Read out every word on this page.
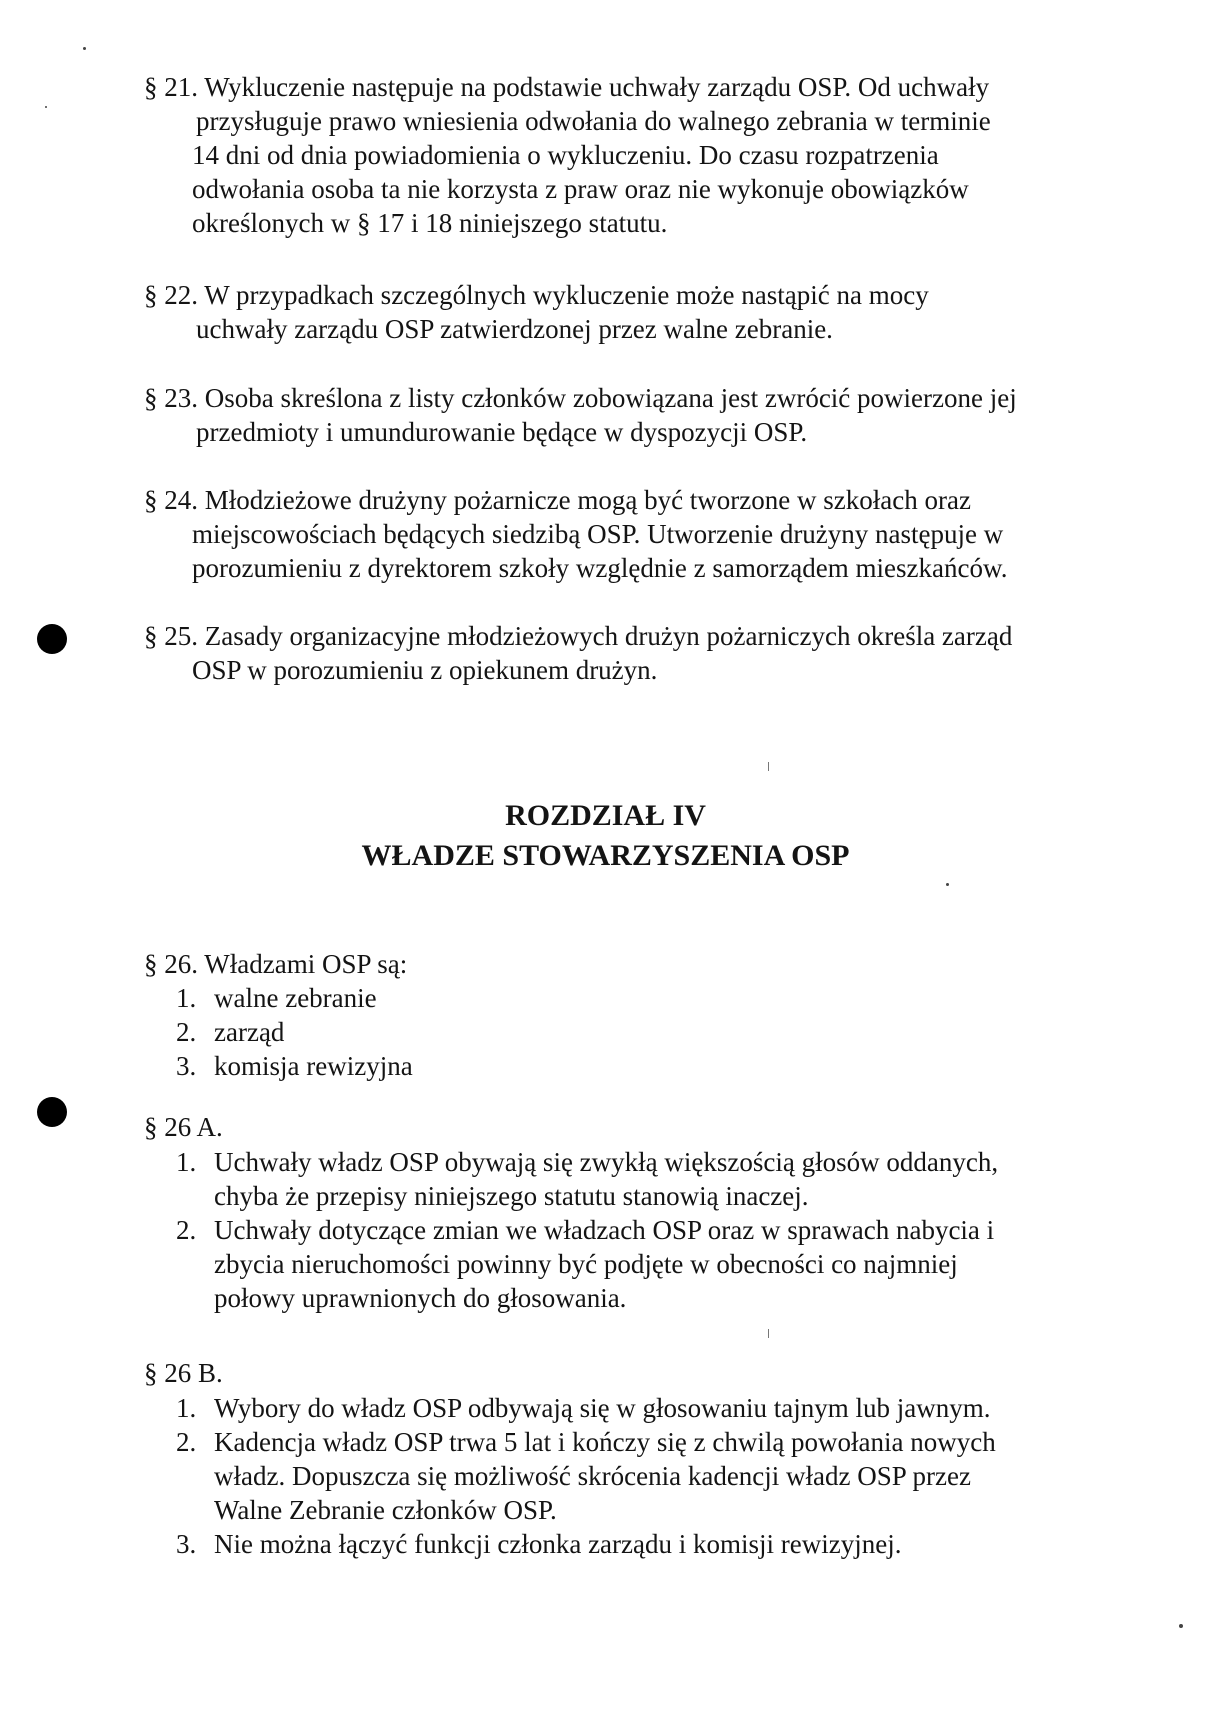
§ 21. Wykluczenie następuje na podstawie uchwały zarządu OSP. Od uchwały
przysługuje prawo wniesienia odwołania do walnego zebrania w terminie
14 dni od dnia powiadomienia o wykluczeniu. Do czasu rozpatrzenia
odwołania osoba ta nie korzysta z praw oraz nie wykonuje obowiązków
określonych w § 17 i 18 niniejszego statutu.
§ 22. W przypadkach szczególnych wykluczenie może nastąpić na mocy
uchwały zarządu OSP zatwierdzonej przez walne zebranie.
§ 23. Osoba skreślona z listy członków zobowiązana jest zwrócić powierzone jej
przedmioty i umundurowanie będące w dyspozycji OSP.
§ 24. Młodzieżowe drużyny pożarnicze mogą być tworzone w szkołach oraz
miejscowościach będących siedzibą OSP. Utworzenie drużyny następuje w
porozumieniu z dyrektorem szkoły względnie z samorządem mieszkańców.
§ 25. Zasady organizacyjne młodzieżowych drużyn pożarniczych określa zarząd
OSP w porozumieniu z opiekunem drużyn.
ROZDZIAŁ IV
WŁADZE STOWARZYSZENIA OSP
§ 26. Władzami OSP są:
1. walne zebranie
2. zarząd
3. komisja rewizyjna
§ 26 A.
1. Uchwały władz OSP obywają się zwykłą większością głosów oddanych,
chyba że przepisy niniejszego statutu stanowią inaczej.
2. Uchwały dotyczące zmian we władzach OSP oraz w sprawach nabycia i
zbycia nieruchomości powinny być podjęte w obecności co najmniej
połowy uprawnionych do głosowania.
§ 26 B.
1. Wybory do władz OSP odbywają się w głosowaniu tajnym lub jawnym.
2. Kadencja władz OSP trwa 5 lat i kończy się z chwilą powołania nowych
władz. Dopuszcza się możliwość skrócenia kadencji władz OSP przez
Walne Zebranie członków OSP.
3. Nie można łączyć funkcji członka zarządu i komisji rewizyjnej.
